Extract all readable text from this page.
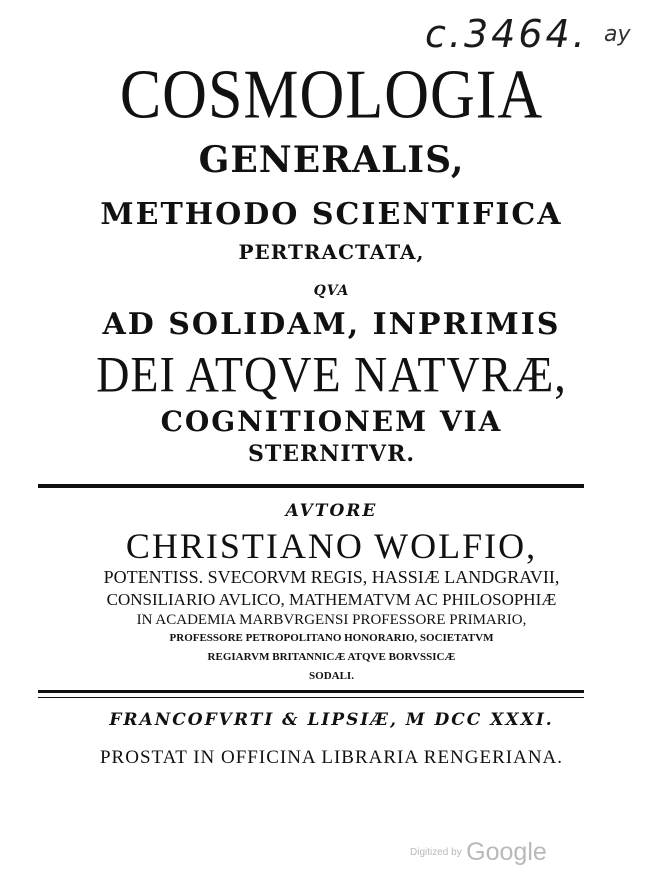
c.3464. ay
COSMOLOGIA
GENERALIS,
METHODO SCIENTIFICA
PERTRACTATA,
QVA
AD SOLIDAM, INPRIMIS
DEI ATQVE NATVRÆ,
COGNITIONEM VIA
STERNITVR.
AVTORE
CHRISTIANO WOLFIO,
POTENTISS. SVECORVM REGIS, HASSIÆ LANDGRAVII,
CONSILIARIO AVLICO, MATHEMATVM AC PHILOSOPHIÆ
IN ACADEMIA MARBVRGENSI PROFESSORE PRIMARIO,
PROFESSORE PETROPOLITANO HONORARIO, SOCIETATVM
REGIARVM BRITANNICÆ ATQVE BORVSSICÆ
SODALI.
FRANCOFVRTI & LIPSIÆ, M DCC XXXI.
PROSTAT IN OFFICINA LIBRARIA RENGERIANA.
Digitized by Google
